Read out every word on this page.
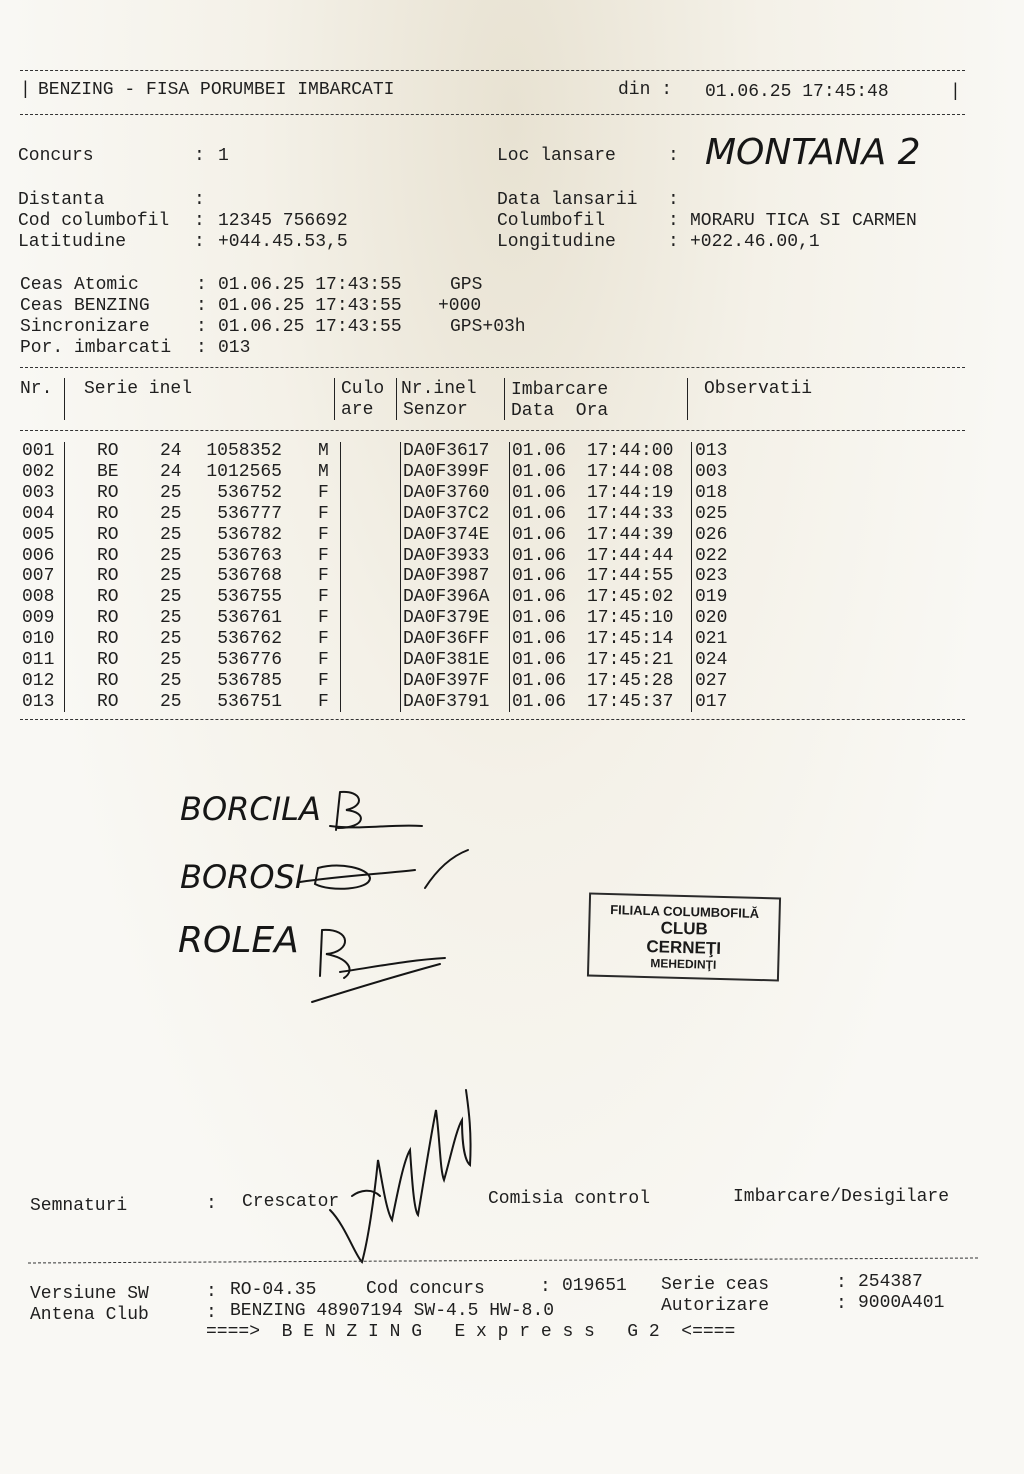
| BENZING - FISA PORUMBEI IMBARCATI	din : 01.06.25 17:45:48	|
Concurs	: 1	Loc lansare	: MONTANA 2
Distanta	:	Data lansarii :
Cod columbofil : 12345 756692	Columbofil	: MORARU TICA SI CARMEN
Latitudine	: +044.45.53,5	Longitudine	: +022.46.00,1
Ceas Atomic	: 01.06.25 17:43:55	GPS
Ceas BENZING	: 01.06.25 17:43:55 +000
Sincronizare	: 01.06.25 17:43:55	GPS+03h
Por. imbarcati : 013
Nr. Serie inel	Culo
are
Nr.inel
Senzor
Imbarcare
Data  Ora
Observatii
001 RO 24	1058352 M	DA0F3617 01.06 17:44:00 013
002 BE 24	1012565 M	DA0F399F 01.06 17:44:08 003
003 RO 25	536752 F	DA0F3760 01.06 17:44:19 018
004 RO 25	536777 F	DA0F37C2 01.06 17:44:33 025
005 RO 25	536782 F	DA0F374E 01.06 17:44:39 026
006 RO 25	536763 F	DA0F3933 01.06 17:44:44 022
007 RO 25	536768 F	DA0F3987 01.06 17:44:55 023
008 RO 25	536755 F	DA0F396A 01.06 17:45:02 019
009 RO 25	536761 F	DA0F379E 01.06 17:45:10 020
010 RO 25	536762 F	DA0F36FF 01.06 17:45:14 021
011 RO 25	536776 F	DA0F381E 01.06 17:45:21 024
012 RO 25	536785 F	DA0F397F 01.06 17:45:28 027
013 RO 25	536751 F	DA0F3791 01.06 17:45:37 017
BORCILA
BOROSI
ROLEA
FILIALA COLUMBOFILĂ
CLUB
CERNEŢI
MEHEDINŢI
Semnaturi	: Crescator	Comisia control	Imbarcare/Desigilare
Versiune SW	: RO-04.35	Cod concurs	: 019651 Serie ceas	: 254387
Antena Club	: BENZING 48907194 SW-4.5 HW-8.0	Autorizare	: 9000A401
====>  B E N Z I N G   E x p r e s s   G 2  <====
